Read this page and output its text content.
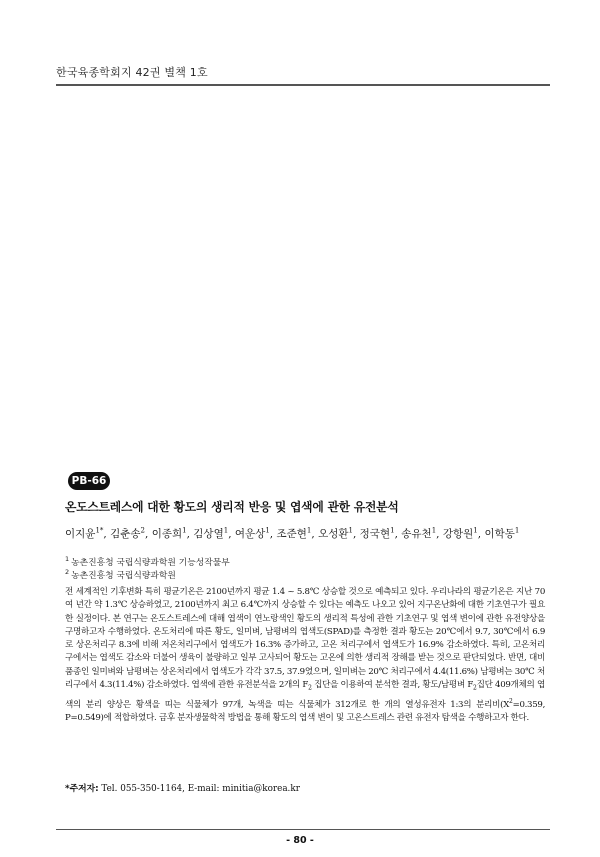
한국육종학회지 42권 별책 1호
PB-66
온도스트레스에 대한 황도의 생리적 반응 및 엽색에 관한 유전분석
이지윤$^{1*}$, 김춘송$^2$, 이종희$^1$, 김상열$^1$, 여운상$^1$, 조준현$^1$, 오성환$^1$, 정국현$^1$, 송유천$^1$, 강항원$^1$, 이학동$^1$
$^1$ 농촌진흥청 국립식량과학원 기능성작물부
$^2$ 농촌진흥청 국립식량과학원
전 세계적인 기후변화 특히 평균기온은 2100년까지 평균 1.4 ~ 5.8℃ 상승할 것으로 예측되고 있다. 우리나라의 평균기온은 지난 70여 년간 약 1.3℃ 상승하였고, 2100년까지 최고 6.4℃까지 상승할 수 있다는 예측도 나오고 있어 지구온난화에 대한 기초연구가 필요한 실정이다. 본 연구는 온도스트레스에 대해 엽색이 연노랑색인 황도의 생리적 특성에 관한 기초연구 및 엽색 변이에 관한 유전양상을 구명하고자 수행하였다. 온도처리에 따른 황도, 일미벼, 남평벼의 엽색도(SPAD)를 측정한 결과 황도는 20℃에서 9.7, 30℃에서 6.9로 상온처리구 8.3에 비해 저온처리구에서 엽색도가 16.3% 증가하고, 고온 처리구에서 엽색도가 16.9% 감소하였다. 특히, 고온처리구에서는 엽색도 감소와 더불어 생육이 불량하고 일부 고사되어 황도는 고온에 의한 생리적 장해를 받는 것으로 판단되었다. 반면, 대비품종인 일미벼와 남평벼는 상온처리에서 엽색도가 각각 37.5, 37.9였으며, 일미벼는 20℃ 처리구에서 4.4(11.6%) 남평벼는 30℃ 처리구에서 4.3(11.4%) 감소하였다. 엽색에 관한 유전분석을 2개의 $F_2$ 집단을 이용하여 분석한 결과, 황도/남평벼 $F_2$집단 409개체의 엽색의 분리 양상은 황색을 띠는 식물체가 97개, 녹색을 띠는 식물체가 312개로 한 개의 열성유전자 1:3의 분리비($X^2=0.359$, P=0.549)에 적합하였다. 금후 분자생물학적 방법을 통해 황도의 엽색 변이 및 고온스트레스 관련 유전자 탐색을 수행하고자 한다.
*주저자: Tel. 055-350-1164, E-mail: minitia@korea.kr
- 80 -
